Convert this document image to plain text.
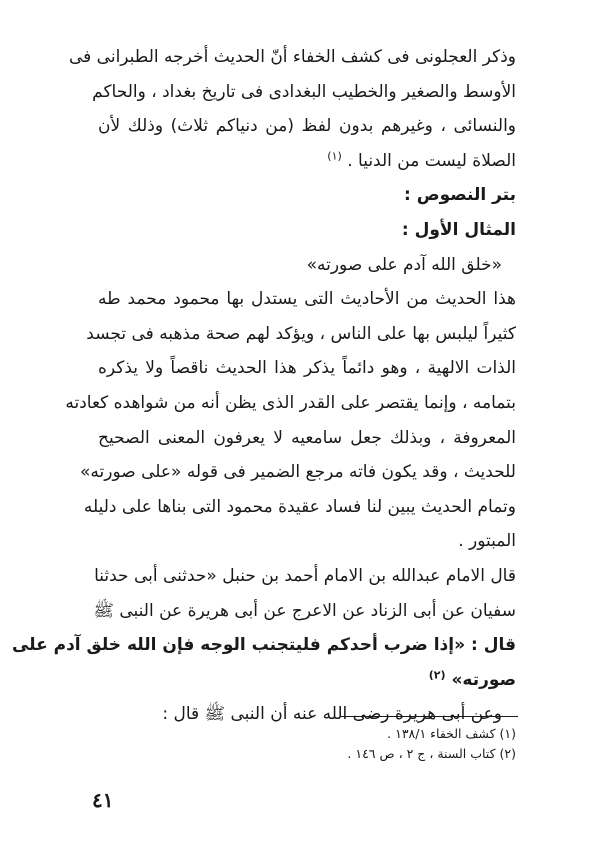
وذكر العجلونى فى كشف الخفاء أنّ الحديث أخرجه الطبرانى فى
الأوسط والصغير والخطيب البغدادى فى تاريخ بغداد ، والحاكم
والنسائى ، وغيرهم بدون لفظ (من دنياكم ثلاث) وذلك لأن
الصلاة ليست من الدنيا . $^{(١)}$
بتر النصوص :
المثال الأول :
«خلق الله آدم على صورته»
هذا الحديث من الأحاديث التى يستدل بها محمود محمد طه
كثيراً ليلبس بها على الناس ، ويؤكد لهم صحة مذهبه فى تجسد
الذات الالهية ، وهو دائماً يذكر هذا الحديث ناقصاً ولا يذكره
بتمامه ، وإنما يقتصر على القدر الذى يظن أنه من شواهده كعادته
المعروفة ، وبذلك جعل سامعيه لا يعرفون المعنى الصحيح
للحديث ، وقد يكون فاته مرجع الضمير فى قوله «على صورته»
وتمام الحديث يبين لنا فساد عقيدة محمود التى بناها على دليله
المبتور .
قال الامام عبدالله بن الامام أحمد بن حنبل «حدثنى أبى حدثنا
سفيان عن أبى الزناد عن الاعرج عن أبى هريرة عن النبى ﷺ
قال : «إذا ضرب أحدكم فليتجنب الوجه فإن الله خلق آدم على
صورته» $^{(٢)}$
وعن أبى هريرة رضى الله عنه أن النبى ﷺ قال :
(١) كشف الخفاء ١٣٨/١ .
(٢) كتاب السنة ، ج ٢ ، ص ١٤٦ .
٤١
